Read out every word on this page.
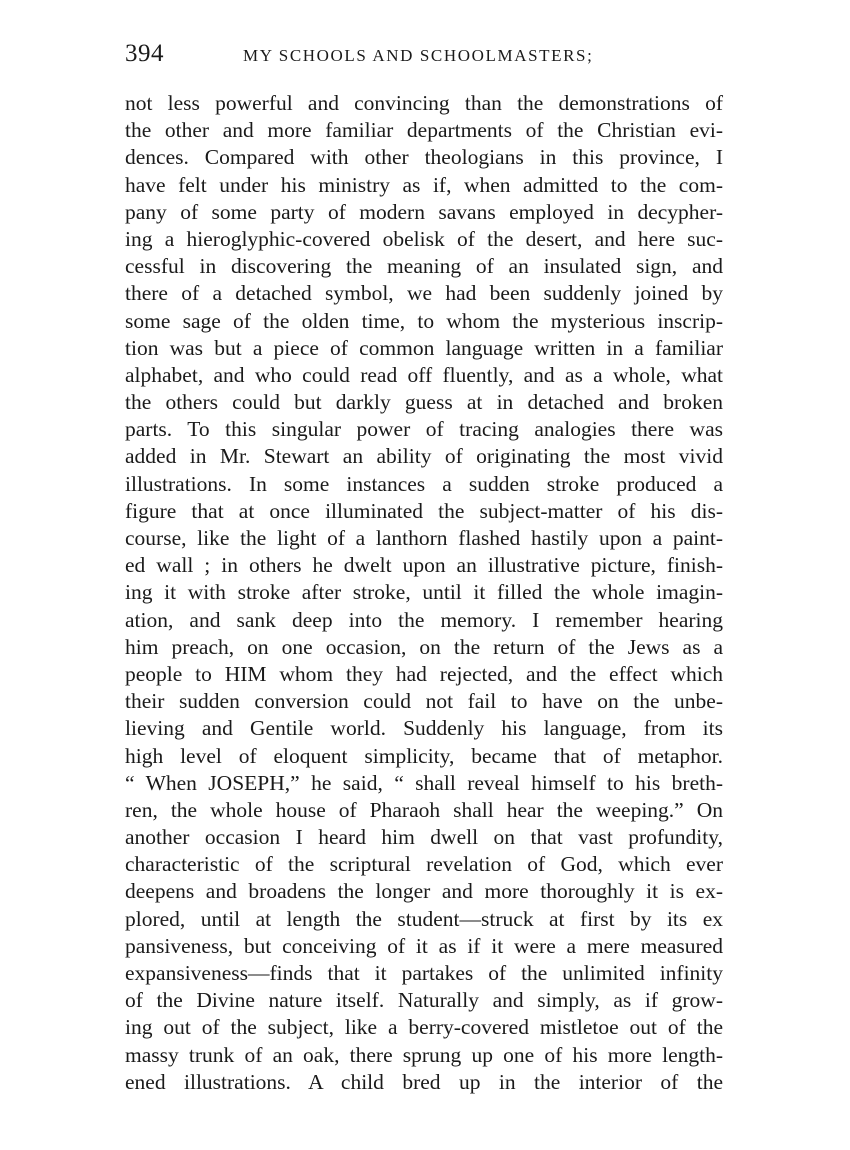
394	MY SCHOOLS AND SCHOOLMASTERS;
not less powerful and convincing than the demonstrations of
the other and more familiar departments of the Christian evi-
dences. Compared with other theologians in this province, I
have felt under his ministry as if, when admitted to the com-
pany of some party of modern savans employed in decypher-
ing a hieroglyphic-covered obelisk of the desert, and here suc-
cessful in discovering the meaning of an insulated sign, and
there of a detached symbol, we had been suddenly joined by
some sage of the olden time, to whom the mysterious inscrip-
tion was but a piece of common language written in a familiar
alphabet, and who could read off fluently, and as a whole, what
the others could but darkly guess at in detached and broken
parts. To this singular power of tracing analogies there was
added in Mr. Stewart an ability of originating the most vivid
illustrations. In some instances a sudden stroke produced a
figure that at once illuminated the subject-matter of his dis-
course, like the light of a lanthorn flashed hastily upon a paint-
ed wall ; in others he dwelt upon an illustrative picture, finish-
ing it with stroke after stroke, until it filled the whole imagin-
ation, and sank deep into the memory. I remember hearing
him preach, on one occasion, on the return of the Jews as a
people to HIM whom they had rejected, and the effect which
their sudden conversion could not fail to have on the unbe-
lieving and Gentile world. Suddenly his language, from its
high level of eloquent simplicity, became that of metaphor.
“ When JOSEPH,” he said, “ shall reveal himself to his breth-
ren, the whole house of Pharaoh shall hear the weeping.” On
another occasion I heard him dwell on that vast profundity,
characteristic of the scriptural revelation of God, which ever
deepens and broadens the longer and more thoroughly it is ex-
plored, until at length the student—struck at first by its ex
pansiveness, but conceiving of it as if it were a mere measured
expansiveness—finds that it partakes of the unlimited infinity
of the Divine nature itself. Naturally and simply, as if grow-
ing out of the subject, like a berry-covered mistletoe out of the
massy trunk of an oak, there sprung up one of his more length-
ened illustrations. A child bred up in the interior of the
